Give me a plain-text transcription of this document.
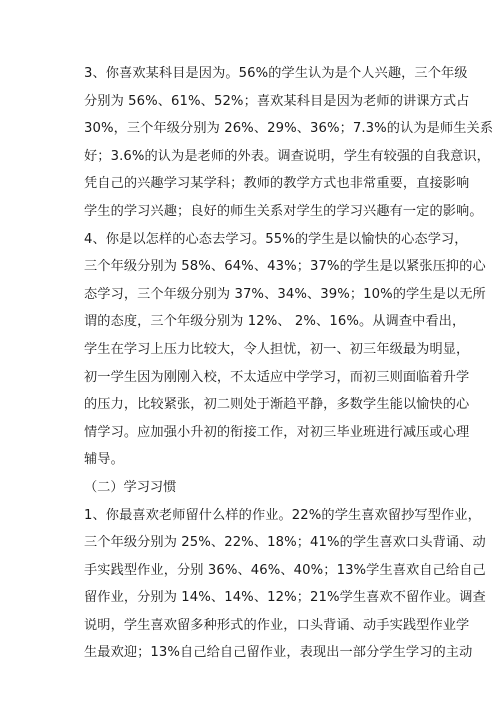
3、你喜欢某科目是因为。56%的学生认为是个人兴趣，三个年级
分别为 56%、61%、52%；喜欢某科目是因为老师的讲课方式占
30%，三个年级分别为 26%、29%、36%；7.3%的认为是师生关系
好；3.6%的认为是老师的外表。调查说明，学生有较强的自我意识，
凭自己的兴趣学习某学科；教师的教学方式也非常重要，直接影响
学生的学习兴趣；良好的师生关系对学生的学习兴趣有一定的影响。
4、你是以怎样的心态去学习。55%的学生是以愉快的心态学习，
三个年级分别为 58%、64%、43%；37%的学生是以紧张压抑的心
态学习，三个年级分别为 37%、34%、39%；10%的学生是以无所
谓的态度，三个年级分别为 12%、 2%、16%。从调查中看出，
学生在学习上压力比较大，令人担忧，初一、初三年级最为明显，
初一学生因为刚刚入校，不太适应中学学习，而初三则面临着升学
的压力，比较紧张，初二则处于渐趋平静，多数学生能以愉快的心
情学习。应加强小升初的衔接工作，对初三毕业班进行减压或心理
辅导。
（二）学习习惯
1、你最喜欢老师留什么样的作业。22%的学生喜欢留抄写型作业，
三个年级分别为 25%、22%、18%；41%的学生喜欢口头背诵、动
手实践型作业，分别 36%、46%、40%；13%学生喜欢自己给自己
留作业，分别为 14%、14%、12%；21%学生喜欢不留作业。调查
说明，学生喜欢留多种形式的作业，口头背诵、动手实践型作业学
生最欢迎；13%自己给自己留作业，表现出一部分学生学习的主动
